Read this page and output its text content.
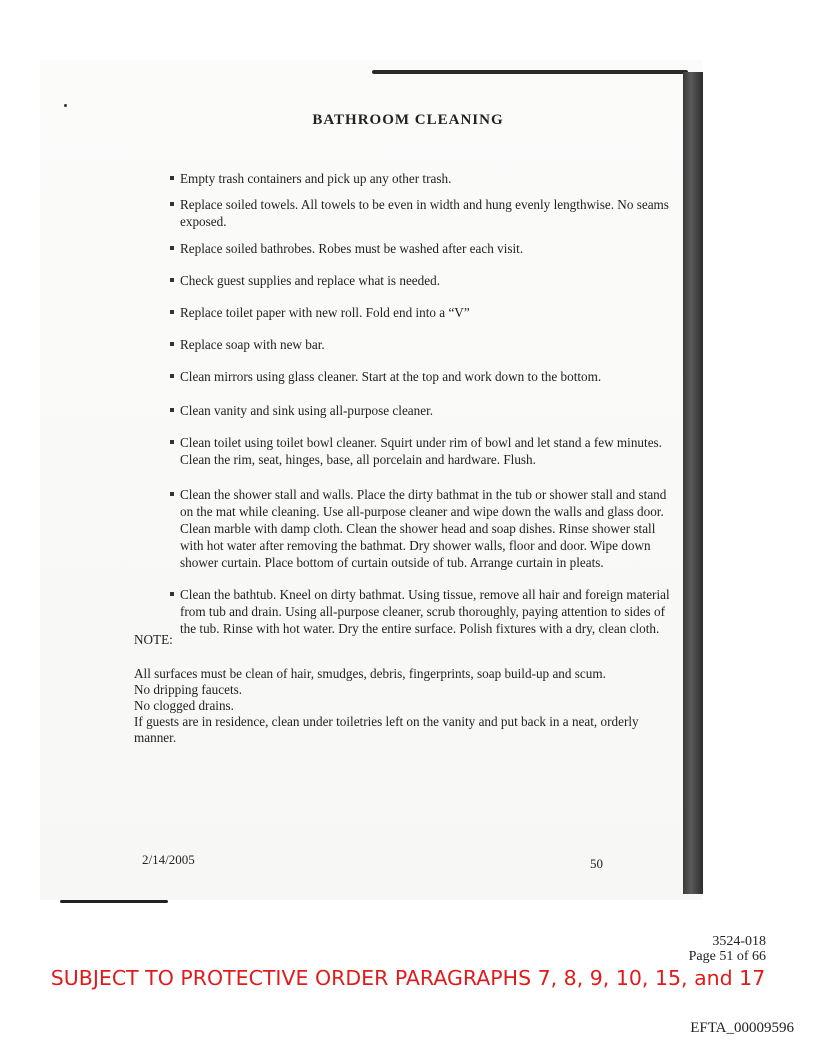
BATHROOM CLEANING
Empty trash containers and pick up any other trash.
Replace soiled towels. All towels to be even in width and hung evenly lengthwise. No seams exposed.
Replace soiled bathrobes. Robes must be washed after each visit.
Check guest supplies and replace what is needed.
Replace toilet paper with new roll. Fold end into a “V”
Replace soap with new bar.
Clean mirrors using glass cleaner. Start at the top and work down to the bottom.
Clean vanity and sink using all-purpose cleaner.
Clean toilet using toilet bowl cleaner. Squirt under rim of bowl and let stand a few minutes. Clean the rim, seat, hinges, base, all porcelain and hardware. Flush.
Clean the shower stall and walls. Place the dirty bathmat in the tub or shower stall and stand on the mat while cleaning. Use all-purpose cleaner and wipe down the walls and glass door. Clean marble with damp cloth. Clean the shower head and soap dishes. Rinse shower stall with hot water after removing the bathmat. Dry shower walls, floor and door. Wipe down shower curtain. Place bottom of curtain outside of tub. Arrange curtain in pleats.
Clean the bathtub. Kneel on dirty bathmat. Using tissue, remove all hair and foreign material from tub and drain. Using all-purpose cleaner, scrub thoroughly, paying attention to sides of the tub. Rinse with hot water. Dry the entire surface. Polish fixtures with a dry, clean cloth.
NOTE:
All surfaces must be clean of hair, smudges, debris, fingerprints, soap build-up and scum.
No dripping faucets.
No clogged drains.
If guests are in residence, clean under toiletries left on the vanity and put back in a neat, orderly manner.
2/14/2005	50
3524-018
Page 51 of 66
SUBJECT TO PROTECTIVE ORDER PARAGRAPHS 7, 8, 9, 10, 15, and 17
EFTA_00009596
